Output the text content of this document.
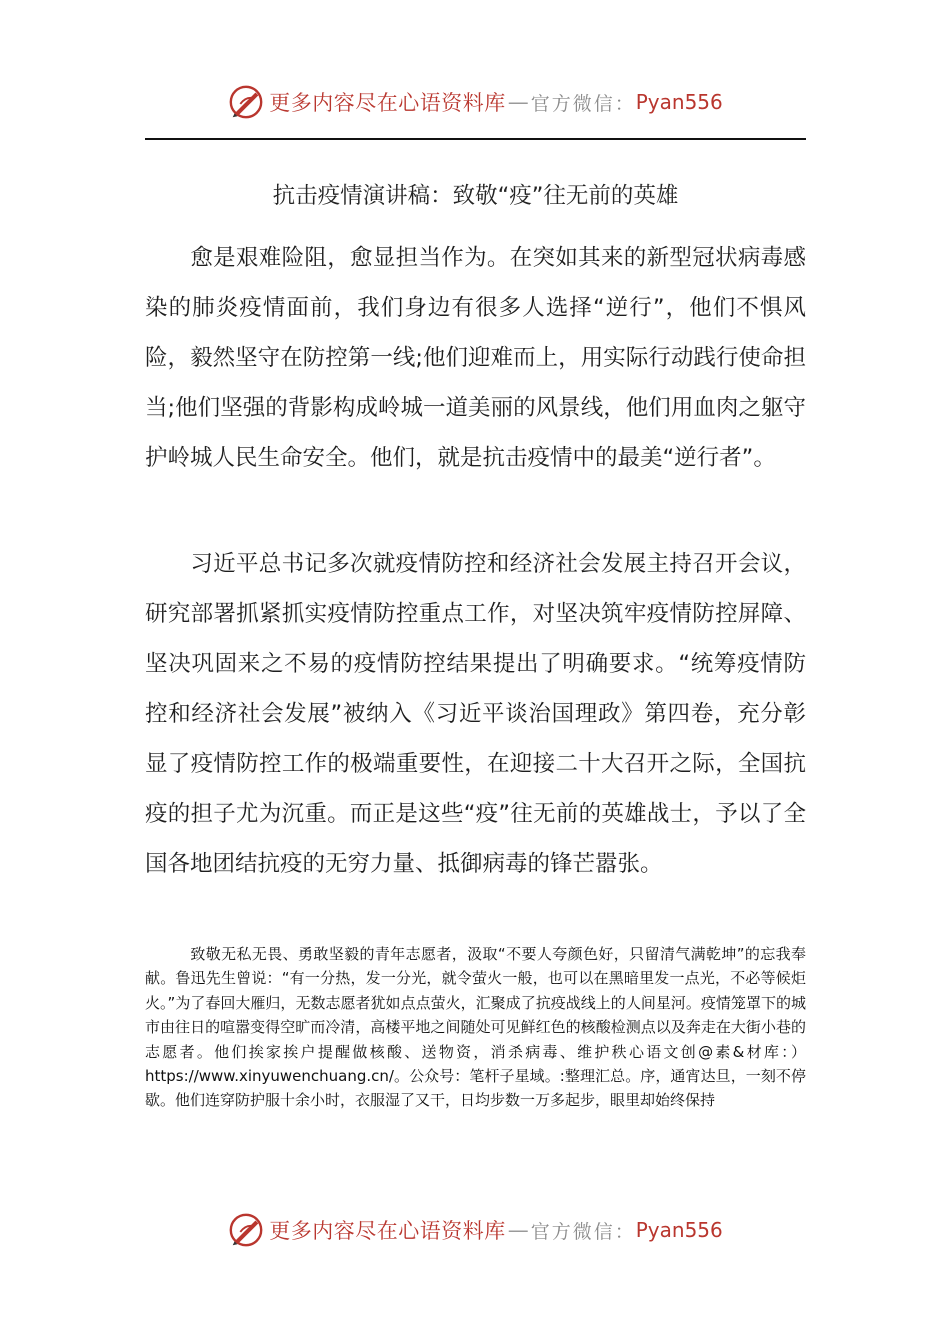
更多内容尽在心语资料库 — 官方微信： Pyan556
抗击疫情演讲稿：致敬“疫”往无前的英雄

愈是艰难险阻，愈显担当作为。在突如其来的新型冠状病毒感染的肺炎疫情面前，我们身边有很多人选择“逆行”，他们不惧风险，毅然坚守在防控第一线;他们迎难而上，用实际行动践行使命担当;他们坚强的背影构成岭城一道美丽的风景线，他们用血肉之躯守护岭城人民生命安全。他们，就是抗击疫情中的最美“逆行者”。

习近平总书记多次就疫情防控和经济社会发展主持召开会议，研究部署抓紧抓实疫情防控重点工作，对坚决筑牢疫情防控屏障、坚决巩固来之不易的疫情防控结果提出了明确要求。“统筹疫情防控和经济社会发展”被纳入《习近平谈治国理政》第四卷，充分彰显了疫情防控工作的极端重要性，在迎接二十大召开之际，全国抗疫的担子尤为沉重。而正是这些“疫”往无前的英雄战士，予以了全国各地团结抗疫的无穷力量、抵御病毒的锋芒嚣张。

致敬无私无畏、勇敢坚毅的青年志愿者，汲取“不要人夸颜色好，只留清气满乾坤”的忘我奉献。鲁迅先生曾说：“有一分热，发一分光，就令萤火一般，也可以在黑暗里发一点光，不必等候炬火。”为了春回大雁归，无数志愿者犹如点点萤火，汇聚成了抗疫战线上的人间星河。疫情笼罩下的城市由往日的喧嚣变得空旷而冷清，高楼平地之间随处可见鲜红色的核酸检测点以及奔走在大街小巷的志愿者。他们挨家挨户提醒做核酸、送物资，消杀病毒、维护秩心语文创@素&材库：）https://www.xinyuwenchuang.cn/。公众号：笔杆子星域。:整理汇总。序，通宵达旦，一刻不停歇。他们连穿防护服十余小时，衣服湿了又干，日均步数一万多起步，眼里却始终保持

更多内容尽在心语资料库 — 官方微信： Pyan556
